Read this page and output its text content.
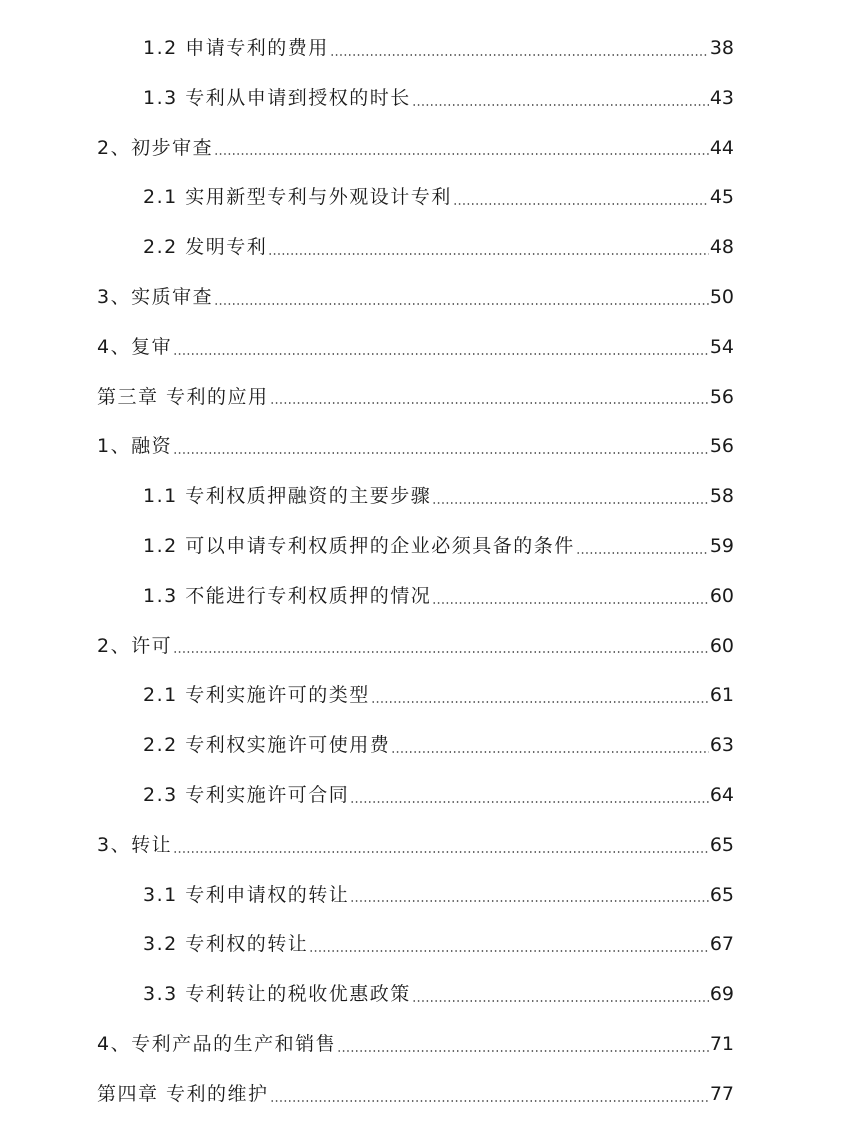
1.2 申请专利的费用	38
1.3 专利从申请到授权的时长	43
2、初步审查	44
2.1 实用新型专利与外观设计专利	45
2.2 发明专利	48
3、实质审查	50
4、复审	54
第三章 专利的应用	56
1、融资	56
1.1 专利权质押融资的主要步骤	58
1.2 可以申请专利权质押的企业必须具备的条件	59
1.3 不能进行专利权质押的情况	60
2、许可	60
2.1 专利实施许可的类型	61
2.2 专利权实施许可使用费	63
2.3 专利实施许可合同	64
3、转让	65
3.1 专利申请权的转让	65
3.2 专利权的转让	67
3.3 专利转让的税收优惠政策	69
4、专利产品的生产和销售	71
第四章 专利的维护	77
